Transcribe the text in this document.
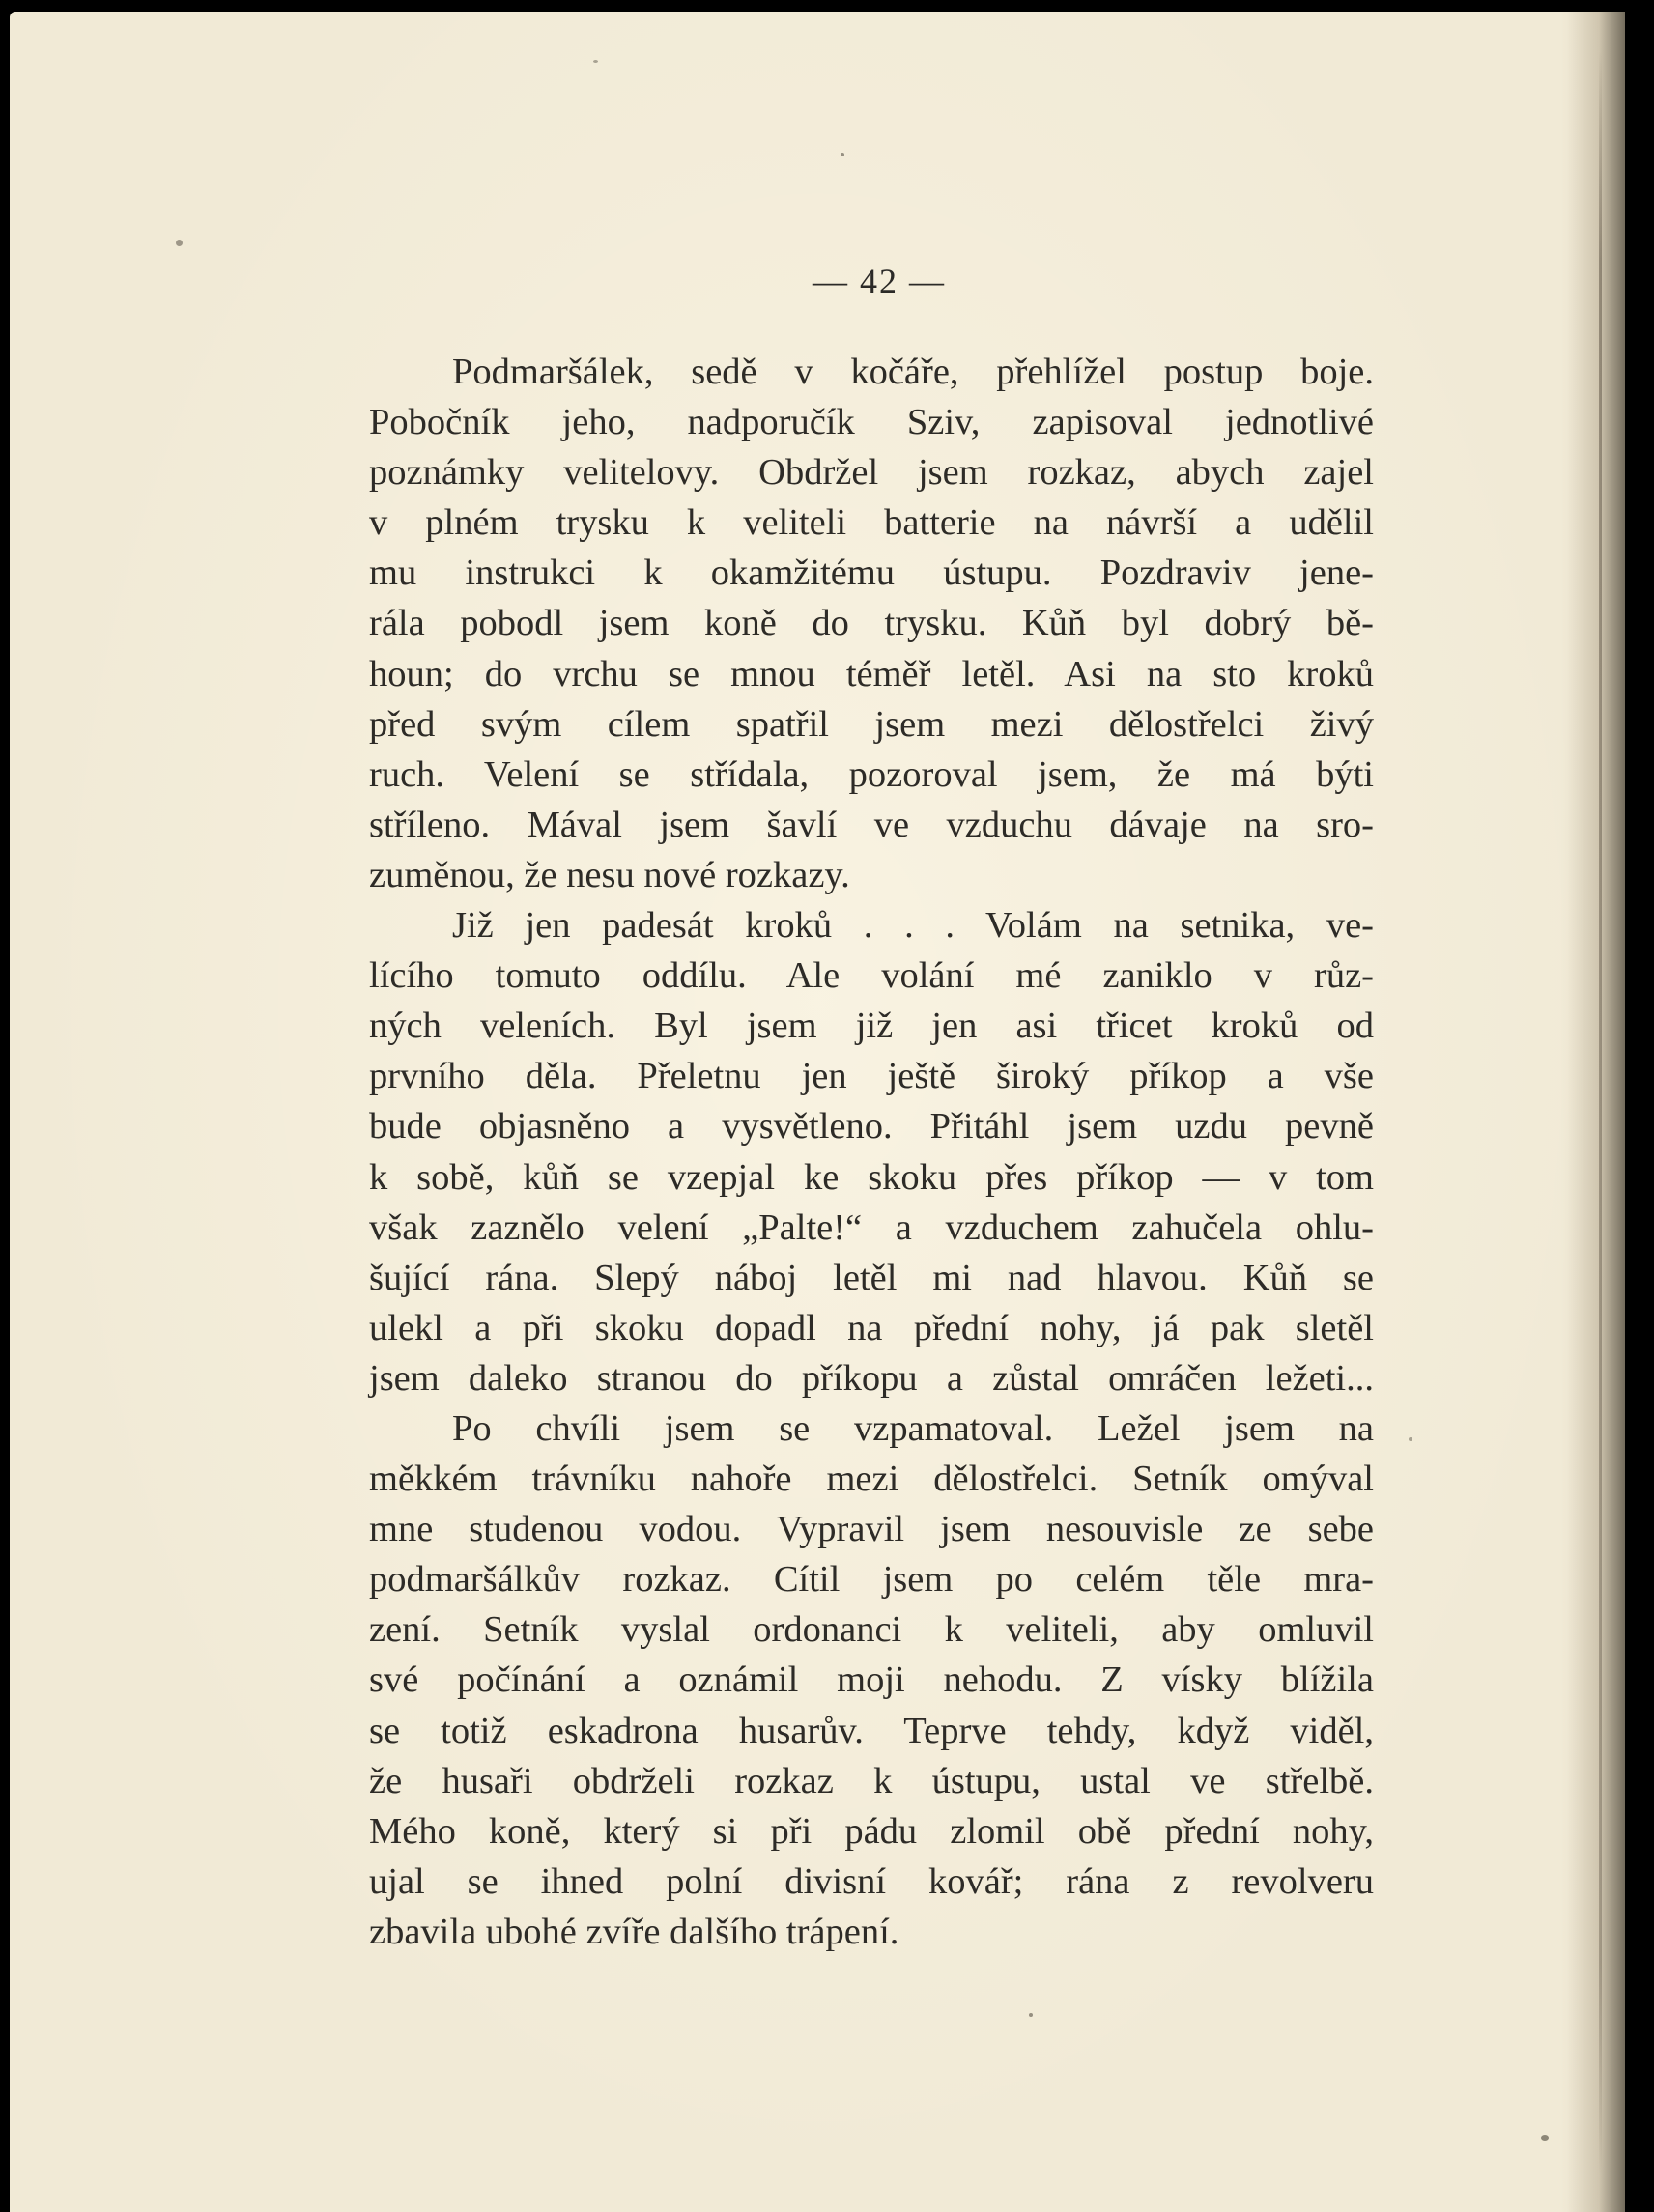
— 42 —
Podmaršálek, sedě v kočáře, přehlížel postup boje.
Pobočník jeho, nadporučík Sziv, zapisoval jednotlivé
poznámky velitelovy. Obdržel jsem rozkaz, abych zajel
v plném trysku k veliteli batterie na návrší a udělil
mu instrukci k okamžitému ústupu. Pozdraviv jene-
rála pobodl jsem koně do trysku. Kůň byl dobrý bě-
houn; do vrchu se mnou téměř letěl. Asi na sto kroků
před svým cílem spatřil jsem mezi dělostřelci živý
ruch. Velení se střídala, pozoroval jsem, že má býti
stříleno. Mával jsem šavlí ve vzduchu dávaje na sro-
zuměnou, že nesu nové rozkazy.
Již jen padesát kroků . . . Volám na setnika, ve-
lícího tomuto oddílu. Ale volání mé zaniklo v růz-
ných veleních. Byl jsem již jen asi třicet kroků od
prvního děla. Přeletnu jen ještě široký příkop a vše
bude objasněno a vysvětleno. Přitáhl jsem uzdu pevně
k sobě, kůň se vzepjal ke skoku přes příkop — v tom
však zaznělo velení „Palte!“ a vzduchem zahučela ohlu-
šující rána. Slepý náboj letěl mi nad hlavou. Kůň se
ulekl a při skoku dopadl na přední nohy, já pak sletěl
jsem daleko stranou do příkopu a zůstal omráčen ležeti...
Po chvíli jsem se vzpamatoval. Ležel jsem na
měkkém trávníku nahoře mezi dělostřelci. Setník omýval
mne studenou vodou. Vypravil jsem nesouvisle ze sebe
podmaršálkův rozkaz. Cítil jsem po celém těle mra-
zení. Setník vyslal ordonanci k veliteli, aby omluvil
své počínání a oznámil moji nehodu. Z vísky blížila
se totiž eskadrona husarův. Teprve tehdy, když viděl,
že husaři obdrželi rozkaz k ústupu, ustal ve střelbě.
Mého koně, který si při pádu zlomil obě přední nohy,
ujal se ihned polní divisní kovář; rána z revolveru
zbavila ubohé zvíře dalšího trápení.
